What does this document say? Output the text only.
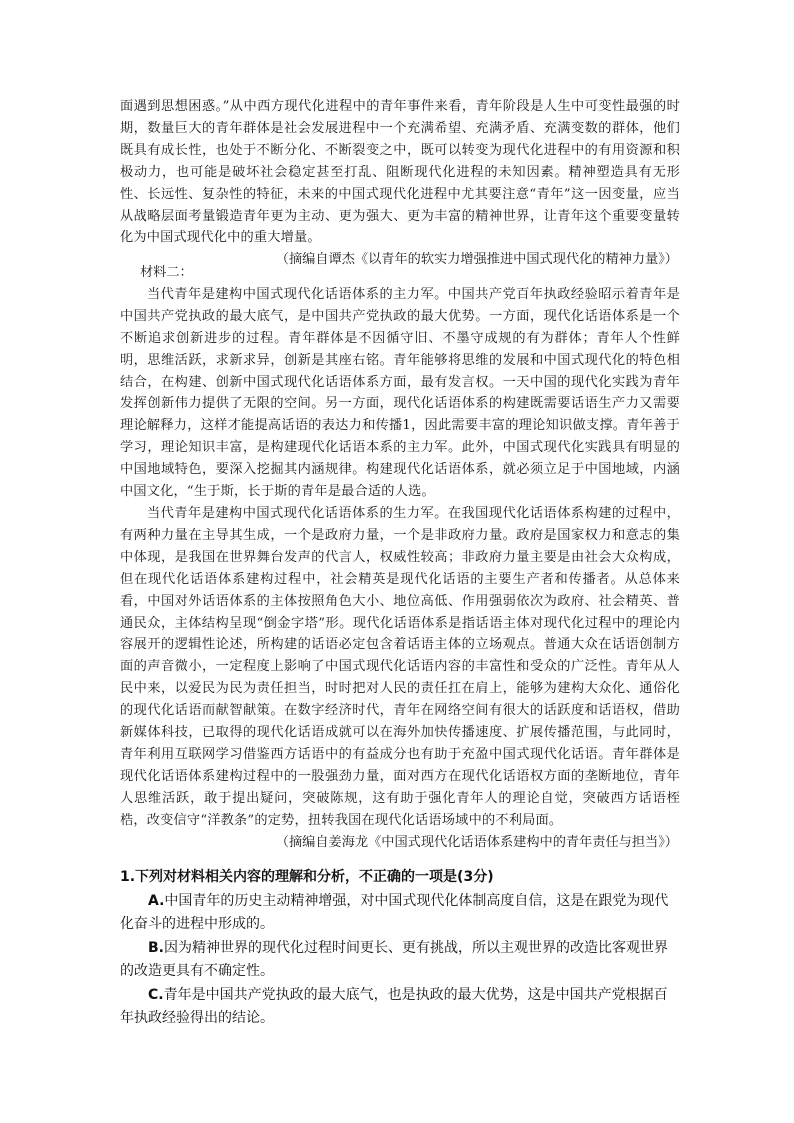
面遇到思想困惑。”从中西方现代化进程中的青年事件来看，青年阶段是人生中可变性最强的时期，数量巨大的青年群体是社会发展进程中一个充满希望、充满矛盾、充满变数的群体，他们既具有成长性，也处于不断分化、不断裂变之中，既可以转变为现代化进程中的有用资源和积极动力，也可能是破坏社会稳定甚至打乱、阻断现代化进程的未知因素。精神塑造具有无形性、长远性、复杂性的特征，未来的中国式现代化进程中尤其要注意“青年”这一因变量，应当从战略层面考量锻造青年更为主动、更为强大、更为丰富的精神世界，让青年这个重要变量转化为中国式现代化中的重大增量。

（摘编自谭杰《以青年的软实力增强推进中国式现代化的精神力量》）

材料二：

当代青年是建构中国式现代化话语体系的主力军。中国共产党百年执政经验昭示着青年是中国共产党执政的最大底气，是中国共产党执政的最大优势。一方面，现代化话语体系是一个不断追求创新进步的过程。青年群体是不因循守旧、不墨守成规的有为群体；青年人个性鲜明，思维活跃，求新求异，创新是其座右铭。青年能够将思维的发展和中国式现代化的特色相结合，在构建、创新中国式现代化话语体系方面，最有发言权。一天中国的现代化实践为青年发挥创新伟力提供了无限的空间。另一方面，现代化话语体系的构建既需要话语生产力又需要理论解释力，这样才能提高话语的表达力和传播1，因此需要丰富的理论知识做支撑。青年善于学习，理论知识丰富，是构建现代化话语本系的主力军。此外，中国式现代化实践具有明显的中国地域特色，要深入挖掘其内涵规律。构建现代化话语体系，就必须立足于中国地域，内涵中国文化，“生于斯，长于斯的青年是最合适的人选。

当代青年是建构中国式现代化话语体系的生力军。在我国现代化话语体系构建的过程中，有两种力量在主导其生成，一个是政府力量，一个是非政府力量。政府是国家权力和意志的集中体现，是我国在世界舞台发声的代言人，权威性较高；非政府力量主要是由社会大众构成，但在现代化话语体系建构过程中，社会精英是现代化话语的主要生产者和传播者。从总体来看，中国对外话语体系的主体按照角色大小、地位高低、作用强弱依次为政府、社会精英、普通民众，主体结构呈现“倒金字塔”形。现代化话语体系是指话语主体对现代化过程中的理论内容展开的逻辑性论述，所构建的话语必定包含着话语主体的立场观点。普通大众在话语创制方面的声音微小，一定程度上影响了中国式现代化话语内容的丰富性和受众的广泛性。青年从人民中来，以爱民为民为责任担当，时时把对人民的责任扛在肩上，能够为建构大众化、通俗化的现代化话语而献智献策。在数字经济时代，青年在网络空间有很大的话跃度和话语权，借助新媒体科技，已取得的现代化话语成就可以在海外加快传播速度、扩展传播范围，与此同时，青年利用互联网学习借鉴西方话语中的有益成分也有助于充盈中国式现代化话语。青年群体是现代化话语体系建构过程中的一股强劲力量，面对西方在现代化话语权方面的垄断地位，青年人思维活跃，敢于提出疑问，突破陈规，这有助于强化青年人的理论自觉，突破西方话语桎梏，改变信守“洋教条”的定势，扭转我国在现代化话语场域中的不利局面。

（摘编自姜海龙《中国式现代化话语体系建构中的青年责任与担当》）

1.下列对材料相关内容的理解和分析，不正确的一项是(3分)

A.中国青年的历史主动精神增强，对中国式现代化体制高度自信，这是在跟党为现代化奋斗的进程中形成的。

B.因为精神世界的现代化过程时间更长、更有挑战，所以主观世界的改造比客观世界的改造更具有不确定性。

C.青年是中国共产党执政的最大底气，也是执政的最大优势，这是中国共产党根据百年执政经验得出的结论。
